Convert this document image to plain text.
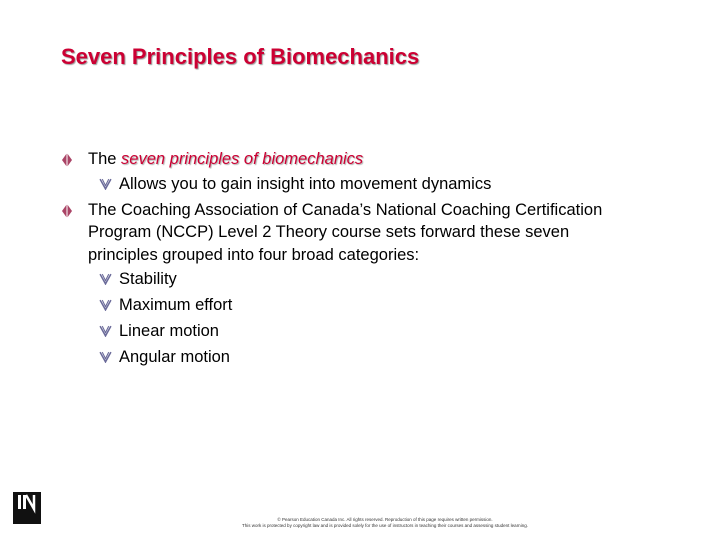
Seven Principles of Biomechanics
The seven principles of biomechanics
Allows you to gain insight into movement dynamics
The Coaching Association of Canada’s National Coaching Certification Program (NCCP) Level 2 Theory course sets forward these seven principles grouped into four broad categories:
Stability
Maximum effort
Linear motion
Angular motion
© Pearson Education Canada Inc. All rights reserved. Reproduction of this page requires written permission.
This work is protected by copyright law and is provided solely for the use of instructors in teaching their courses and assessing student learning.
